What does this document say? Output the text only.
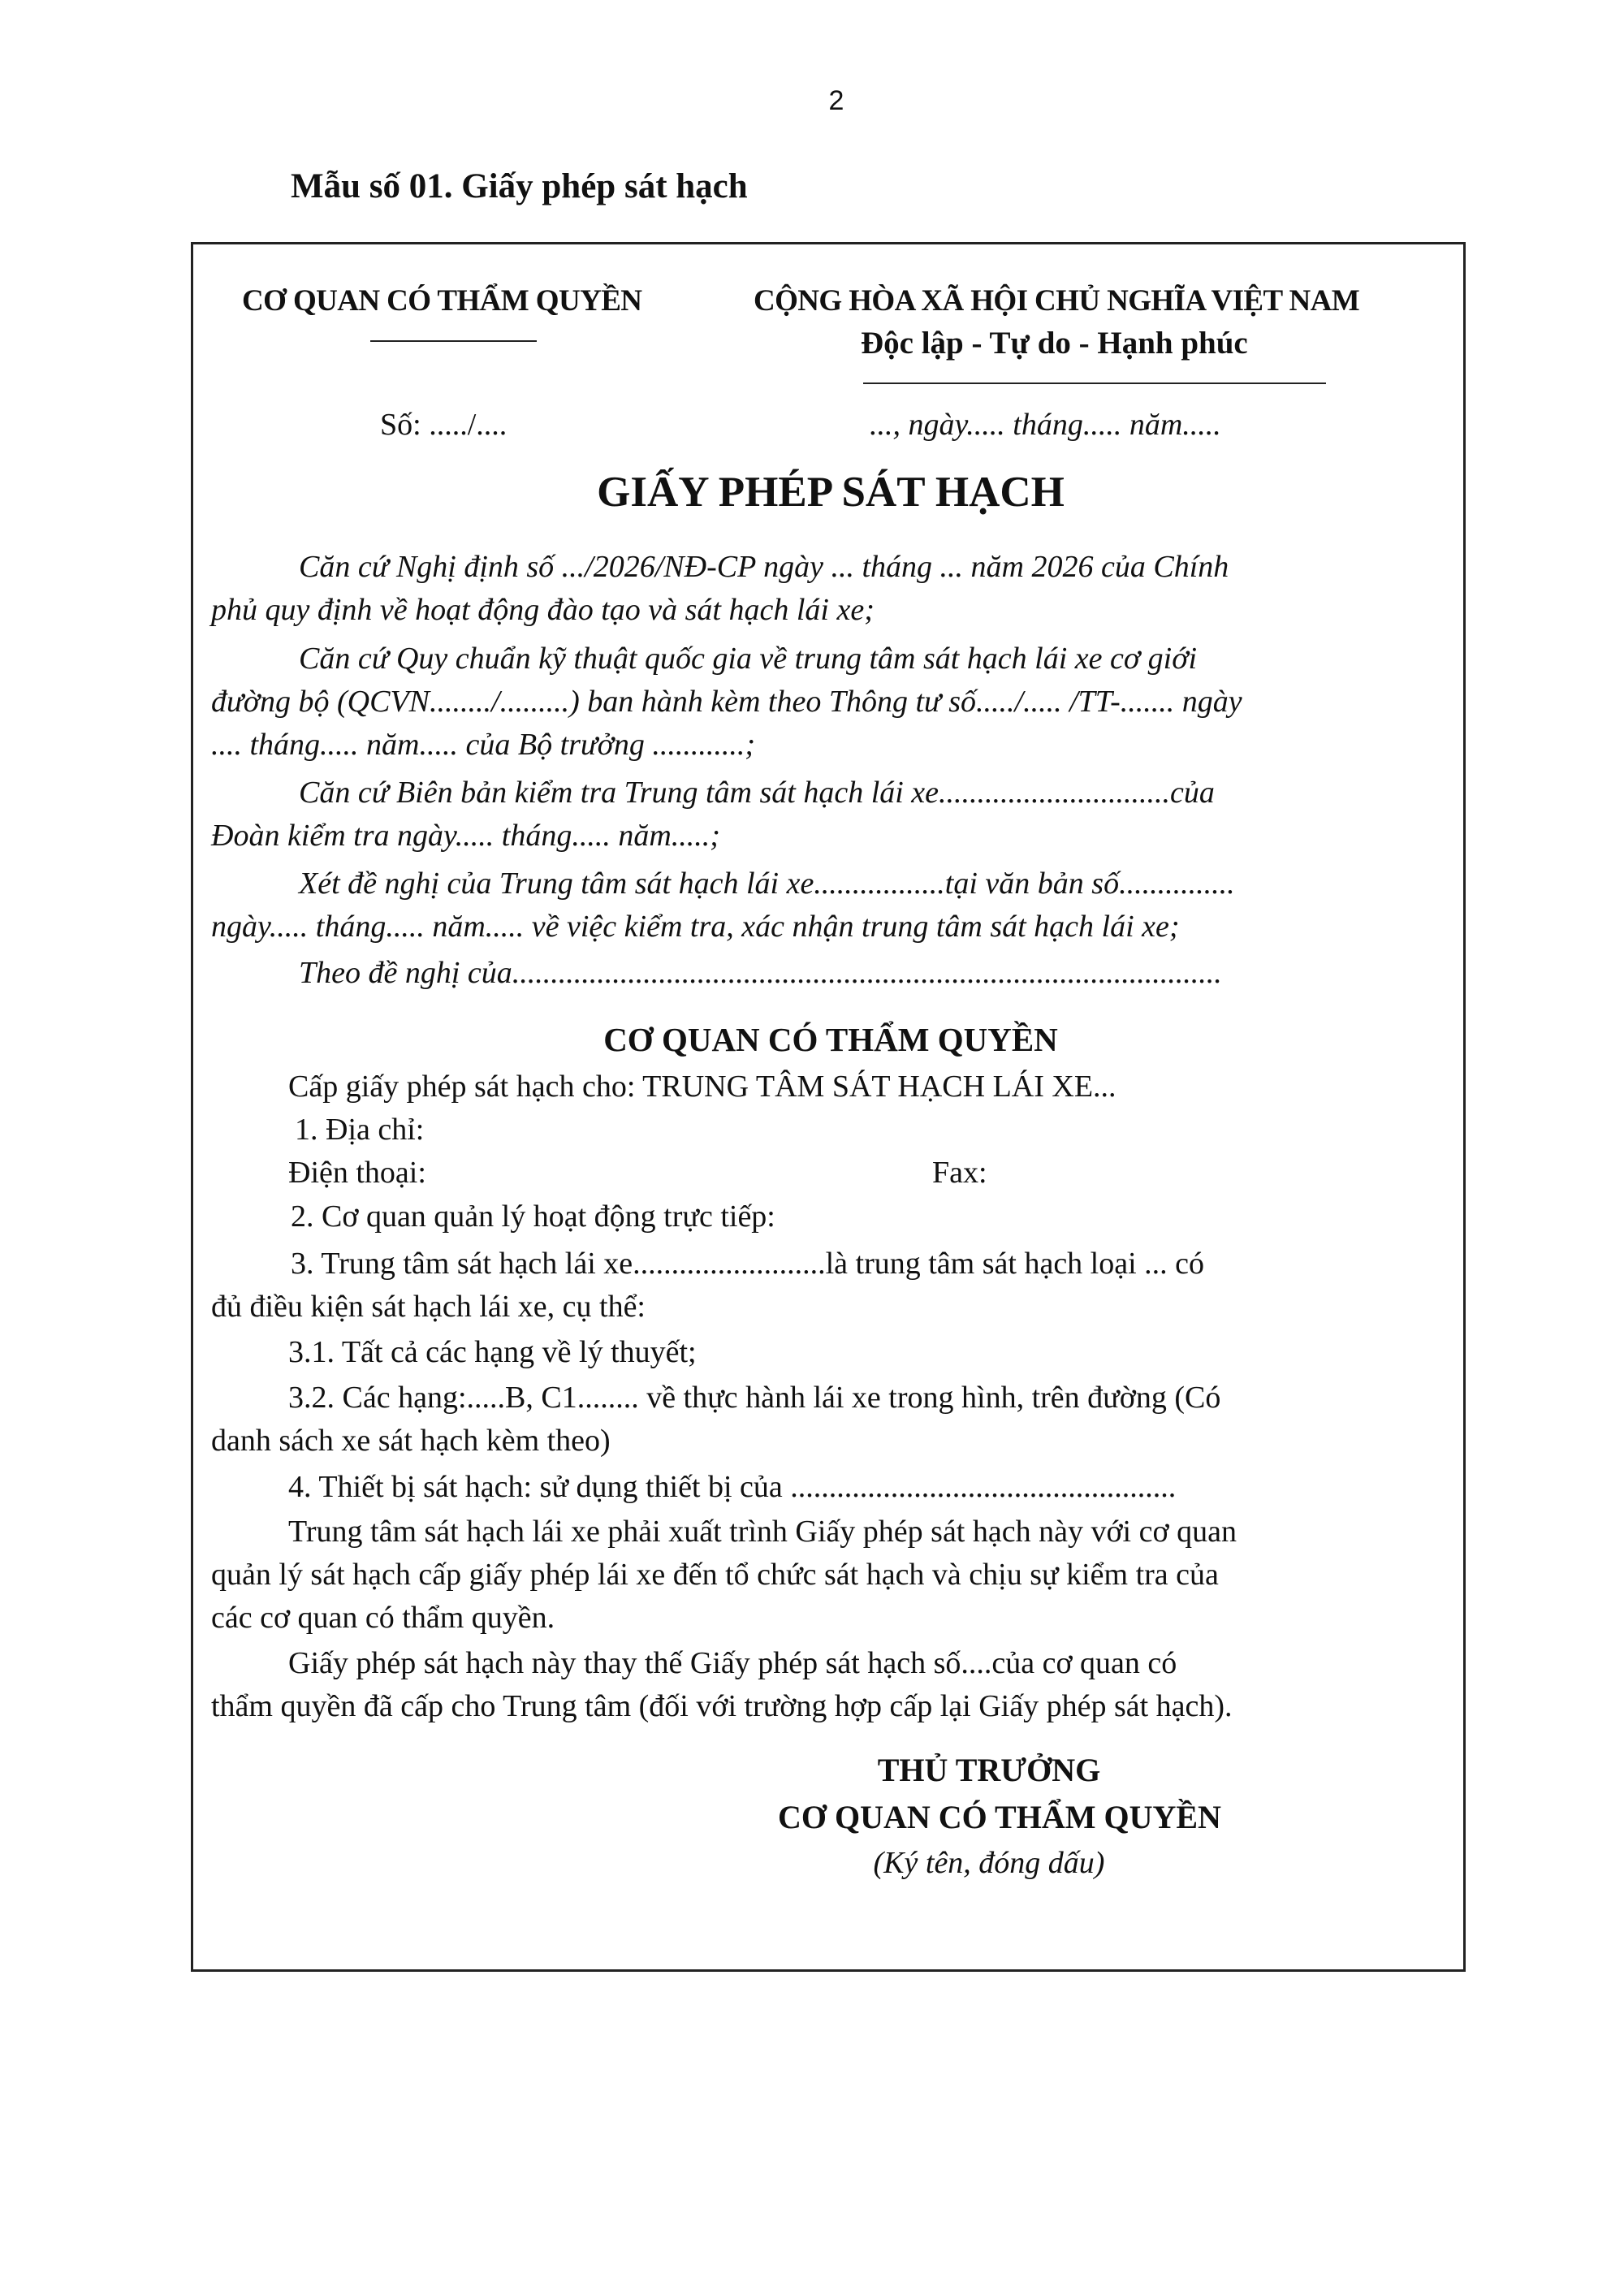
2
Mẫu số 01. Giấy phép sát hạch
CƠ QUAN CÓ THẨM QUYỀN	CỘNG HÒA XÃ HỘI CHỦ NGHĨA VIỆT NAM
Độc lập - Tự do - Hạnh phúc
Số: ...../....	..., ngày..... tháng..... năm.....
GIẤY PHÉP SÁT HẠCH
Căn cứ Nghị định số .../2026/NĐ-CP ngày ... tháng ... năm 2026 của Chính
phủ quy định về hoạt động đào tạo và sát hạch lái xe;
Căn cứ Quy chuẩn kỹ thuật quốc gia về trung tâm sát hạch lái xe cơ giới
đường bộ (QCVN......../.........) ban hành kèm theo Thông tư số...../..... /TT-....... ngày
.... tháng..... năm..... của Bộ trưởng ............;
Căn cứ Biên bản kiểm tra Trung tâm sát hạch lái xe..............................của
Đoàn kiểm tra ngày..... tháng..... năm.....;
Xét đề nghị của Trung tâm sát hạch lái xe.................tại văn bản số...............
ngày..... tháng..... năm..... về việc kiểm tra, xác nhận trung tâm sát hạch lái xe;
Theo đề nghị của............................................................................................
CƠ QUAN CÓ THẨM QUYỀN
Cấp giấy phép sát hạch cho: TRUNG TÂM SÁT HẠCH LÁI XE...
1. Địa chỉ:
Điện thoại:	Fax:
2. Cơ quan quản lý hoạt động trực tiếp:
3. Trung tâm sát hạch lái xe.........................là trung tâm sát hạch loại ... có
đủ điều kiện sát hạch lái xe, cụ thể:
3.1. Tất cả các hạng về lý thuyết;
3.2. Các hạng:.....B, C1........ về thực hành lái xe trong hình, trên đường (Có
danh sách xe sát hạch kèm theo)
4. Thiết bị sát hạch: sử dụng thiết bị của ..................................................
Trung tâm sát hạch lái xe phải xuất trình Giấy phép sát hạch này với cơ quan
quản lý sát hạch cấp giấy phép lái xe đến tổ chức sát hạch và chịu sự kiểm tra của
các cơ quan có thẩm quyền.
Giấy phép sát hạch này thay thế Giấy phép sát hạch số....của cơ quan có
thẩm quyền đã cấp cho Trung tâm (đối với trường hợp cấp lại Giấy phép sát hạch).
THỦ TRƯỞNG
CƠ QUAN CÓ THẨM QUYỀN
(Ký tên, đóng dấu)
